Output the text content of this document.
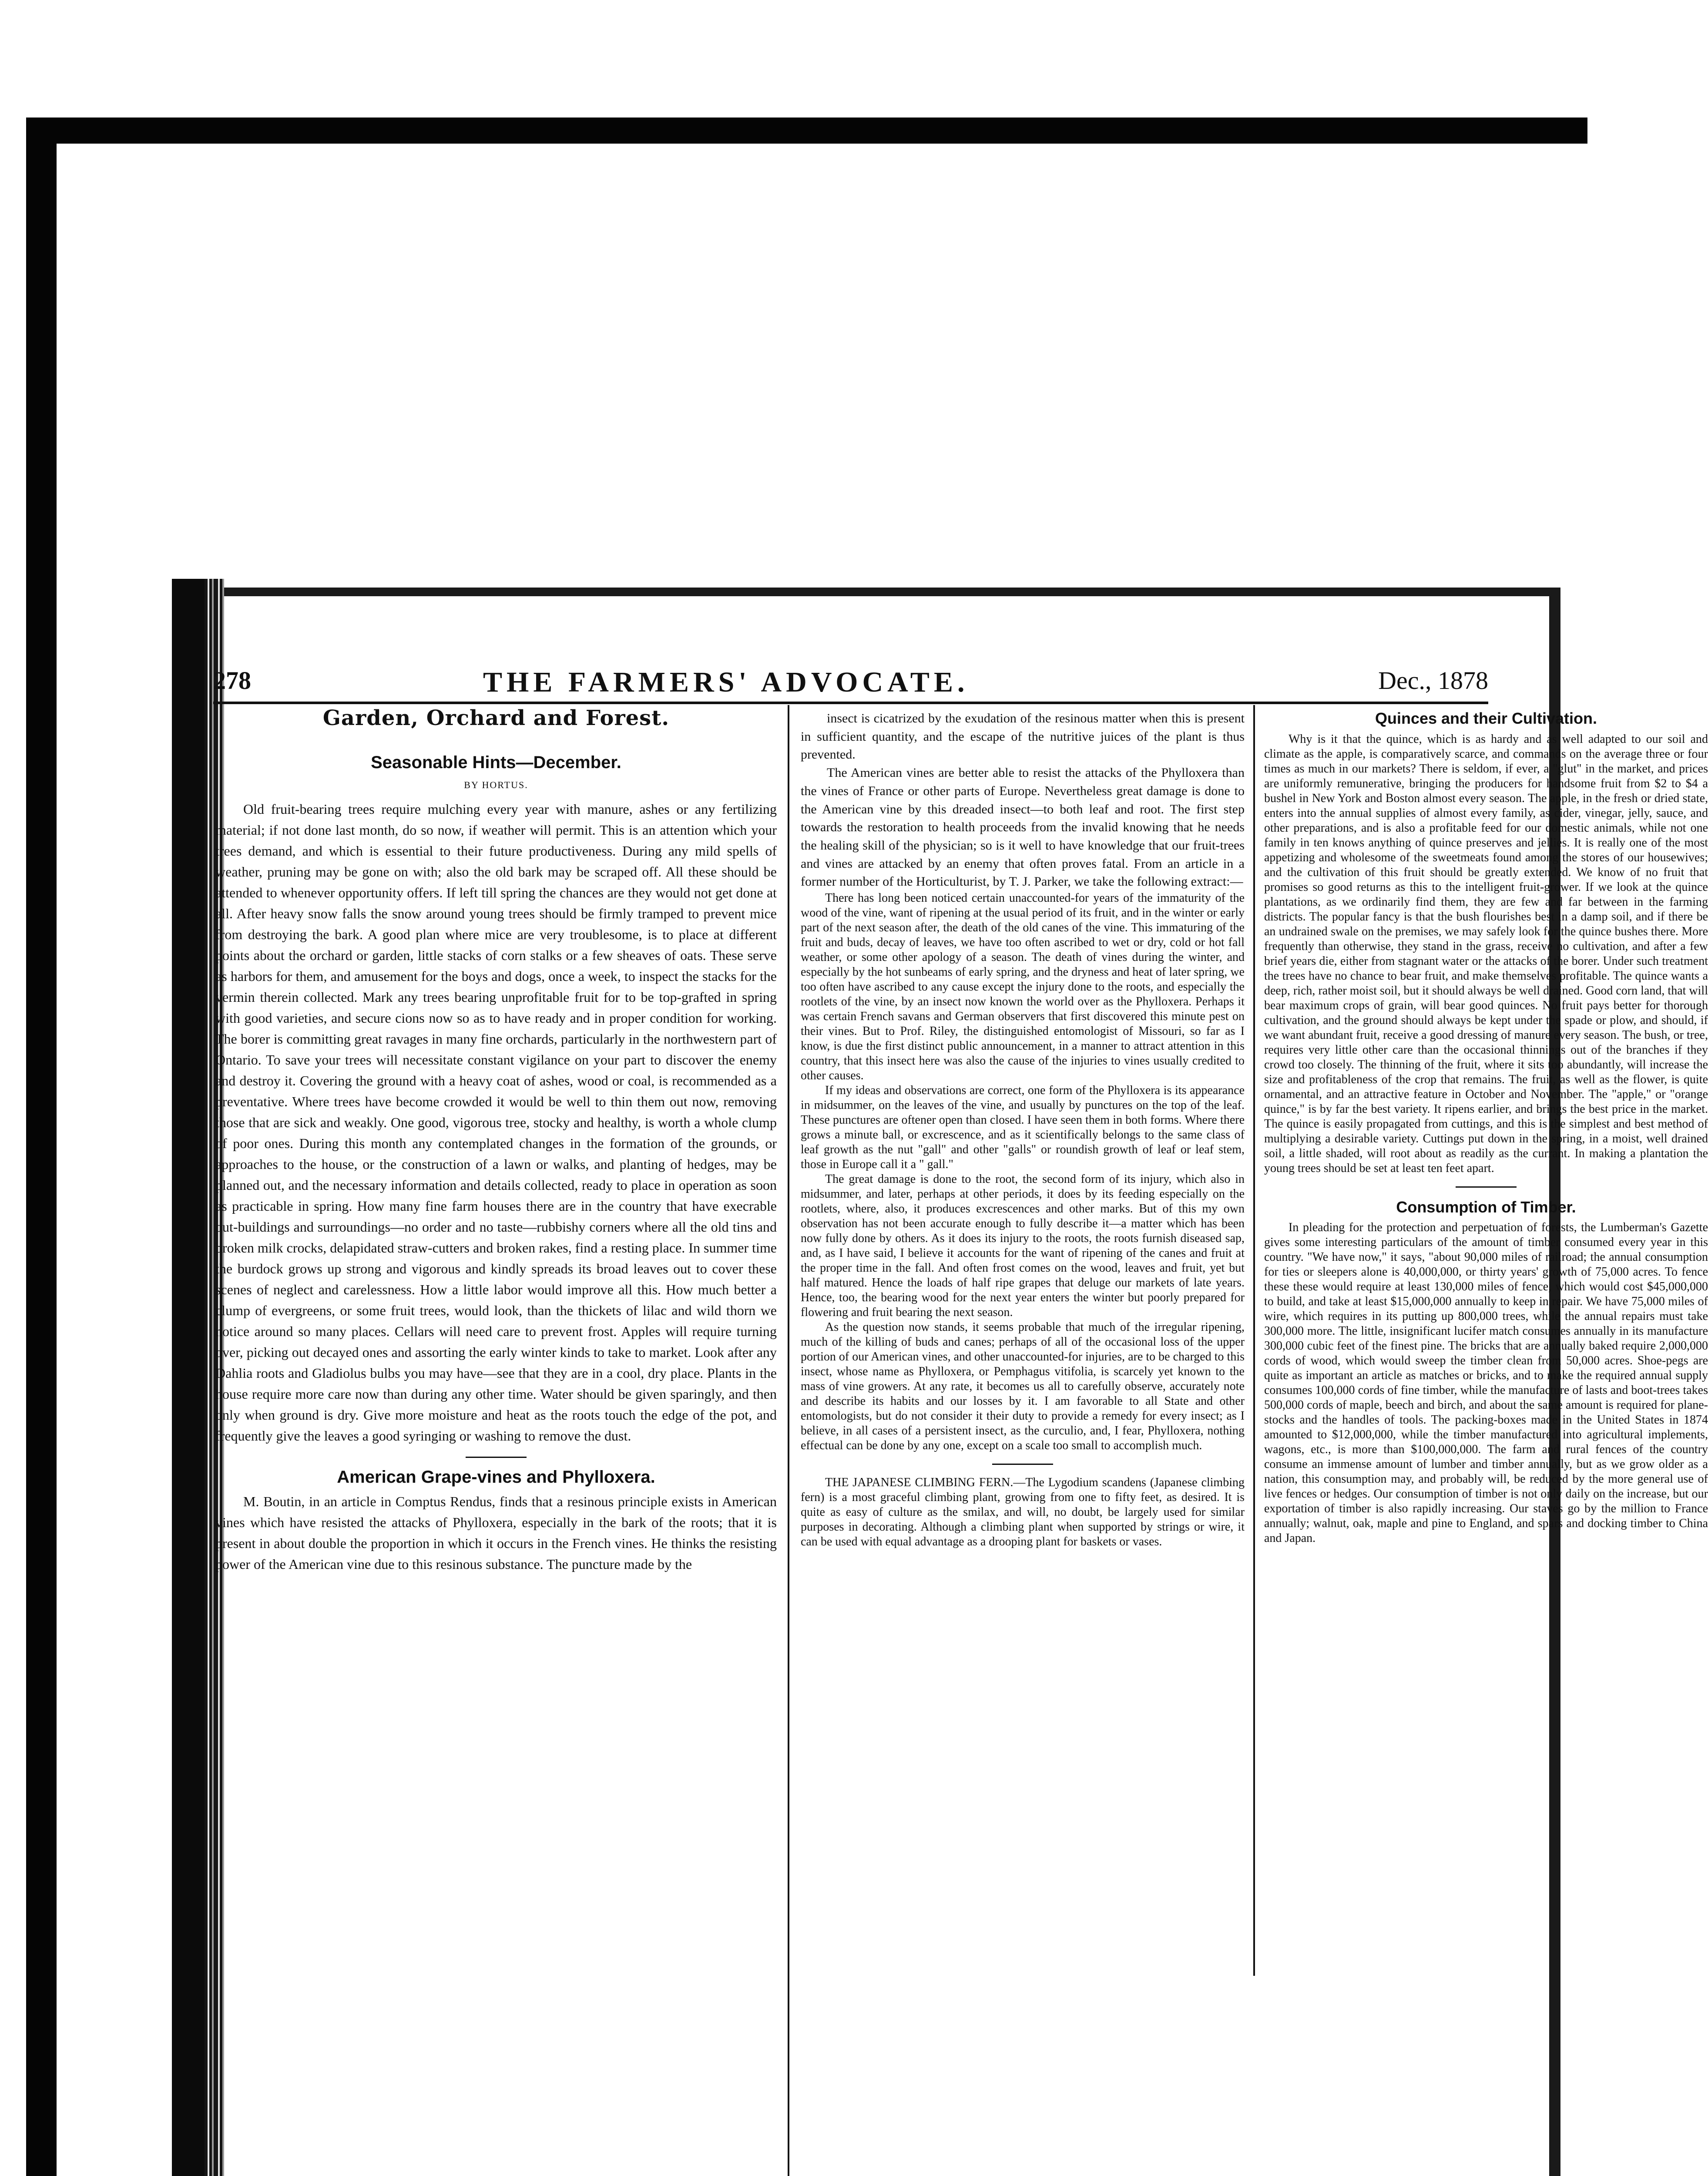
278	THE FARMERS' ADVOCATE.	Dec., 1878
Garden, Orchard and Forest.
Seasonable Hints—December.
BY HORTUS.

Old fruit-bearing trees require mulching every year with manure, ashes or any fertilizing material; if not done last month, do so now, if weather will permit. This is an attention which your trees demand, and which is essential to their future productiveness. During any mild spells of weather, pruning may be gone on with; also the old bark may be scraped off. All these should be attended to whenever opportunity offers. If left till spring the chances are they would not get done at all. After heavy snow falls the snow around young trees should be firmly tramped to prevent mice from destroying the bark. A good plan where mice are very troublesome, is to place at different points about the orchard or garden, little stacks of corn stalks or a few sheaves of oats. These serve as harbors for them, and amusement for the boys and dogs, once a week, to inspect the stacks for the vermin therein collected. Mark any trees bearing unprofitable fruit for to be top-grafted in spring with good varieties, and secure cions now so as to have ready and in proper condition for working. The borer is committing great ravages in many fine orchards, particularly in the northwestern part of Ontario. To save your trees will necessitate constant vigilance on your part to discover the enemy and destroy it. Covering the ground with a heavy coat of ashes, wood or coal, is recommended as a preventative. Where trees have become crowded it would be well to thin them out now, removing those that are sick and weakly. One good, vigorous tree, stocky and healthy, is worth a whole clump of poor ones. During this month any contemplated changes in the formation of the grounds, or approaches to the house, or the construction of a lawn or walks, and planting of hedges, may be planned out, and the necessary information and details collected, ready to place in operation as soon as practicable in spring. How many fine farm houses there are in the country that have execrable out-buildings and surroundings—no order and no taste—rubbishy corners where all the old tins and broken milk crocks, delapidated straw-cutters and broken rakes, find a resting place. In summer time the burdock grows up strong and vigorous and kindly spreads its broad leaves out to cover these scenes of neglect and carelessness. How a little labor would improve all this. How much better a clump of evergreens, or some fruit trees, would look, than the thickets of lilac and wild thorn we notice around so many places. Cellars will need care to prevent frost. Apples will require turning over, picking out decayed ones and assorting the early winter kinds to take to market. Look after any Dahlia roots and Gladiolus bulbs you may have—see that they are in a cool, dry place. Plants in the house require more care now than during any other time. Water should be given sparingly, and then only when ground is dry. Give more moisture and heat as the roots touch the edge of the pot, and frequently give the leaves a good syringing or washing to remove the dust.

American Grape-vines and Phylloxera.

M. Boutin, in an article in Comptus Rendus, finds that a resinous principle exists in American vines which have resisted the attacks of Phylloxera, especially in the bark of the roots; that it is present in about double the proportion in which it occurs in the French vines. He thinks the resisting power of the American vine due to this resinous substance. The puncture made by the

insect is cicatrized by the exudation of the resinous matter when this is present in sufficient quantity, and the escape of the nutritive juices of the plant is thus prevented.

The American vines are better able to resist the attacks of the Phylloxera than the vines of France or other parts of Europe. Nevertheless great damage is done to the American vine by this dreaded insect—to both leaf and root. The first step towards the restoration to health proceeds from the invalid knowing that he needs the healing skill of the physician; so is it well to have knowledge that our fruit-trees and vines are attacked by an enemy that often proves fatal. From an article in a former number of the Horticulturist, by T. J. Parker, we take the following extract:—

There has long been noticed certain unaccounted-for years of the immaturity of the wood of the vine, want of ripening at the usual period of its fruit, and in the winter or early part of the next season after, the death of the old canes of the vine. This immaturing of the fruit and buds, decay of leaves, we have too often ascribed to wet or dry, cold or hot fall weather, or some other apology of a season. The death of vines during the winter, and especially by the hot sunbeams of early spring, and the dryness and heat of later spring, we too often have ascribed to any cause except the injury done to the roots, and especially the rootlets of the vine, by an insect now known the world over as the Phylloxera. Perhaps it was certain French savans and German observers that first discovered this minute pest on their vines. But to Prof. Riley, the distinguished entomologist of Missouri, so far as I know, is due the first distinct public announcement, in a manner to attract attention in this country, that this insect here was also the cause of the injuries to vines usually credited to other causes.

If my ideas and observations are correct, one form of the Phylloxera is its appearance in midsummer, on the leaves of the vine, and usually by punctures on the top of the leaf. These punctures are oftener open than closed. I have seen them in both forms. Where there grows a minute ball, or excrescence, and as it scientifically belongs to the same class of leaf growth as the nut "gall" and other "galls" or roundish growth of leaf or leaf stem, those in Europe call it a " gall."

The great damage is done to the root, the second form of its injury, which also in midsummer, and later, perhaps at other periods, it does by its feeding especially on the rootlets, where, also, it produces excrescences and other marks. But of this my own observation has not been accurate enough to fully describe it—a matter which has been now fully done by others. As it does its injury to the roots, the roots furnish diseased sap, and, as I have said, I believe it accounts for the want of ripening of the canes and fruit at the proper time in the fall. And often frost comes on the wood, leaves and fruit, yet but half matured. Hence the loads of half ripe grapes that deluge our markets of late years. Hence, too, the bearing wood for the next year enters the winter but poorly prepared for flowering and fruit bearing the next season.

As the question now stands, it seems probable that much of the irregular ripening, much of the killing of buds and canes; perhaps of all of the occasional loss of the upper portion of our American vines, and other unaccounted-for injuries, are to be charged to this insect, whose name as Phylloxera, or Pemphagus vitifolia, is scarcely yet known to the mass of vine growers. At any rate, it becomes us all to carefully observe, accurately note and describe its habits and our losses by it. I am favorable to all State and other entomologists, but do not consider it their duty to provide a remedy for every insect; as I believe, in all cases of a persistent insect, as the curculio, and, I fear, Phylloxera, nothing effectual can be done by any one, except on a scale too small to accomplish much.

THE JAPANESE CLIMBING FERN.—The Lygodium scandens (Japanese climbing fern) is a most graceful climbing plant, growing from one to fifty feet, as desired. It is quite as easy of culture as the smilax, and will, no doubt, be largely used for similar purposes in decorating. Although a climbing plant when supported by strings or wire, it can be used with equal advantage as a drooping plant for baskets or vases.

Quinces and their Cultivation.

Why is it that the quince, which is as hardy and as well adapted to our soil and climate as the apple, is comparatively scarce, and commands on the average three or four times as much in our markets? There is seldom, if ever, a "glut" in the market, and prices are uniformly remunerative, bringing the producers for handsome fruit from $2 to $4 a bushel in New York and Boston almost every season. The apple, in the fresh or dried state, enters into the annual supplies of almost every family, as cider, vinegar, jelly, sauce, and other preparations, and is also a profitable feed for our domestic animals, while not one family in ten knows anything of quince preserves and jellies. It is really one of the most appetizing and wholesome of the sweetmeats found among the stores of our housewives; and the cultivation of this fruit should be greatly extended. We know of no fruit that promises so good returns as this to the intelligent fruit-grower. If we look at the quince plantations, as we ordinarily find them, they are few and far between in the farming districts. The popular fancy is that the bush flourishes best in a damp soil, and if there be an undrained swale on the premises, we may safely look for the quince bushes there. More frequently than otherwise, they stand in the grass, receive no cultivation, and after a few brief years die, either from stagnant water or the attacks of the borer. Under such treatment the trees have no chance to bear fruit, and make themselves profitable. The quince wants a deep, rich, rather moist soil, but it should always be well drained. Good corn land, that will bear maximum crops of grain, will bear good quinces. No fruit pays better for thorough cultivation, and the ground should always be kept under the spade or plow, and should, if we want abundant fruit, receive a good dressing of manure every season. The bush, or tree, requires very little other care than the occasional thinnings out of the branches if they crowd too closely. The thinning of the fruit, where it sits too abundantly, will increase the size and profitableness of the crop that remains. The fruit, as well as the flower, is quite ornamental, and an attractive feature in October and November. The "apple," or "orange quince," is by far the best variety. It ripens earlier, and brings the best price in the market. The quince is easily propagated from cuttings, and this is the simplest and best method of multiplying a desirable variety. Cuttings put down in the spring, in a moist, well drained soil, a little shaded, will root about as readily as the currant. In making a plantation the young trees should be set at least ten feet apart.

Consumption of Timber.

In pleading for the protection and perpetuation of forests, the Lumberman's Gazette gives some interesting particulars of the amount of timber consumed every year in this country. "We have now," it says, "about 90,000 miles of railroad; the annual consumption for ties or sleepers alone is 40,000,000, or thirty years' growth of 75,000 acres. To fence these these would require at least 130,000 miles of fence, which would cost $45,000,000 to build, and take at least $15,000,000 annually to keep in repair. We have 75,000 miles of wire, which requires in its putting up 800,000 trees, while the annual repairs must take 300,000 more. The little, insignificant lucifer match consumes annually in its manufacture 300,000 cubic feet of the finest pine. The bricks that are annually baked require 2,000,000 cords of wood, which would sweep the timber clean from 50,000 acres. Shoe-pegs are quite as important an article as matches or bricks, and to make the required annual supply consumes 100,000 cords of fine timber, while the manufacture of lasts and boot-trees takes 500,000 cords of maple, beech and birch, and about the same amount is required for plane-stocks and the handles of tools. The packing-boxes made in the United States in 1874 amounted to $12,000,000, while the timber manufactured into agricultural implements, wagons, etc., is more than $100,000,000. The farm and rural fences of the country consume an immense amount of lumber and timber annually, but as we grow older as a nation, this consumption may, and probably will, be reduced by the more general use of live fences or hedges. Our consumption of timber is not only daily on the increase, but our exportation of timber is also rapidly increasing. Our staves go by the million to France annually; walnut, oak, maple and pine to England, and spars and docking timber to China and Japan.
